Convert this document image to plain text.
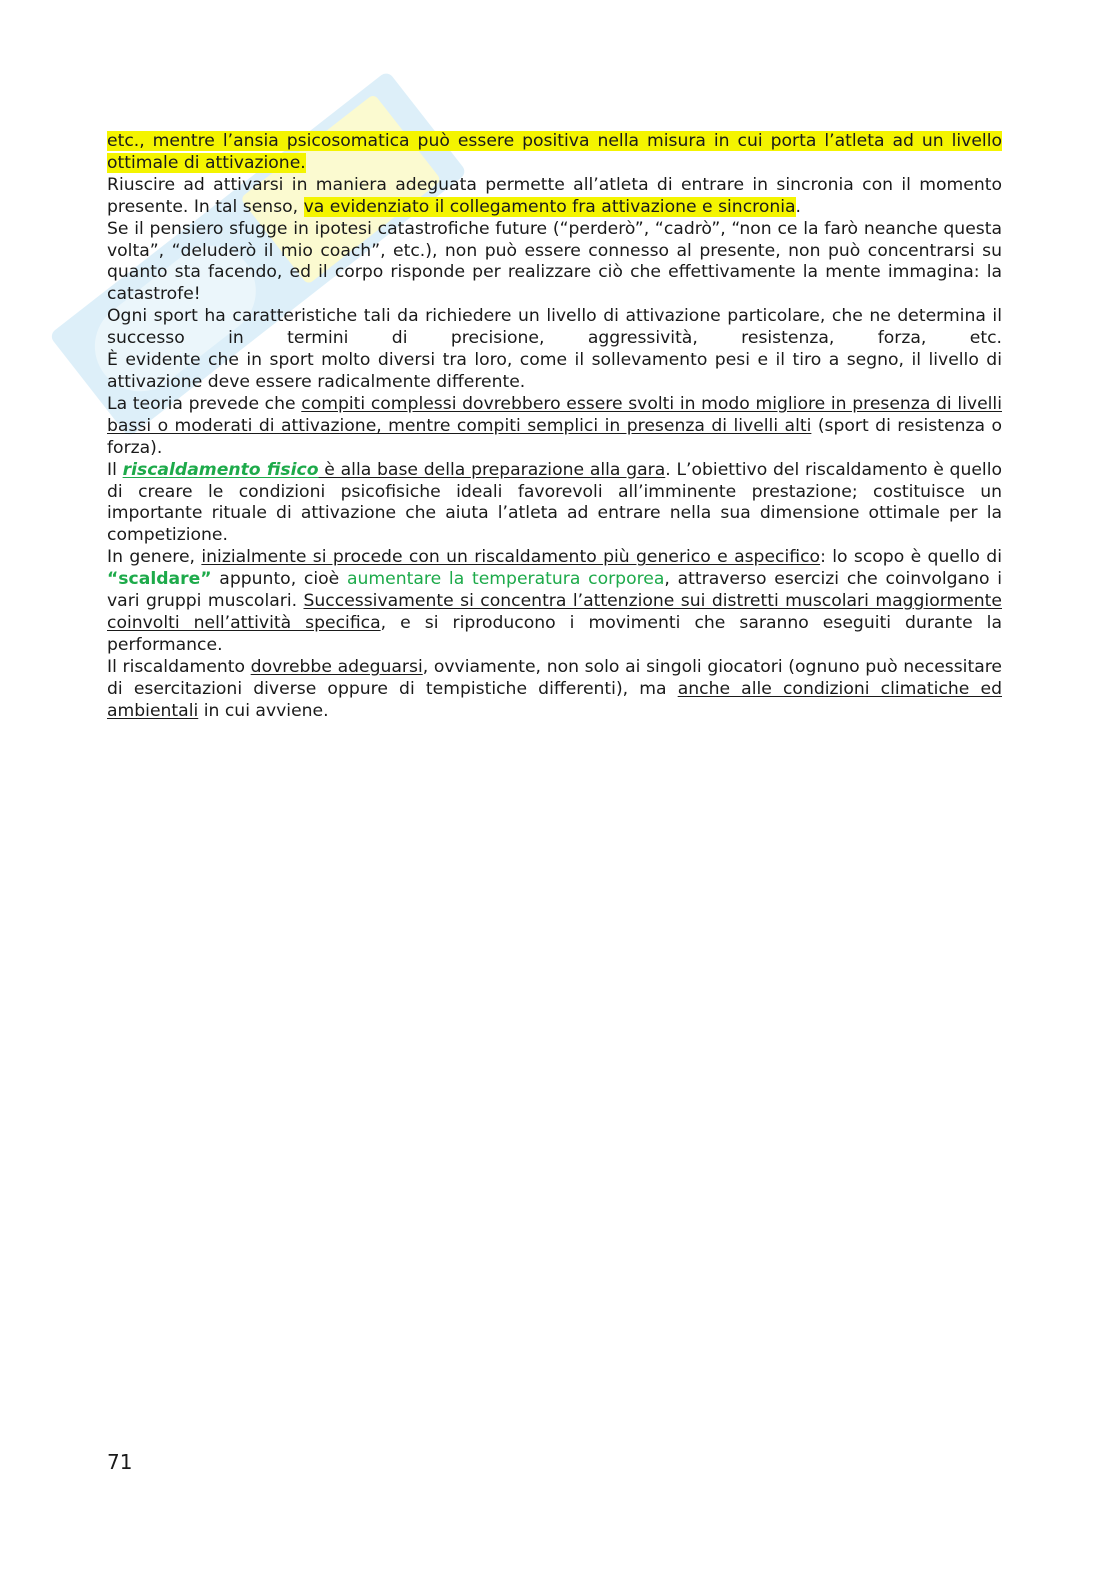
etc., mentre l’ansia psicosomatica può essere positiva nella misura in cui porta l’atleta ad un livello ottimale di attivazione.

Riuscire ad attivarsi in maniera adeguata permette all’atleta di entrare in sincronia con il momento presente. In tal senso, va evidenziato il collegamento fra attivazione e sincronia.

Se il pensiero sfugge in ipotesi catastrofiche future (“perderò”, “cadrò”, “non ce la farò neanche questa volta”, “deluderò il mio coach”, etc.), non può essere connesso al presente, non può concentrarsi su quanto sta facendo, ed il corpo risponde per realizzare ciò che effettivamente la mente immagina: la catastrofe!

Ogni sport ha caratteristiche tali da richiedere un livello di attivazione particolare, che ne determina il successo in termini di precisione, aggressività, resistenza, forza, etc.

È evidente che in sport molto diversi tra loro, come il sollevamento pesi e il tiro a segno, il livello di attivazione deve essere radicalmente differente.

La teoria prevede che compiti complessi dovrebbero essere svolti in modo migliore in presenza di livelli bassi o moderati di attivazione, mentre compiti semplici in presenza di livelli alti (sport di resistenza o forza).

Il riscaldamento fisico è alla base della preparazione alla gara. L’obiettivo del riscaldamento è quello di creare le condizioni psicofisiche ideali favorevoli all’imminente prestazione; costituisce un importante rituale di attivazione che aiuta l’atleta ad entrare nella sua dimensione ottimale per la competizione.

In genere, inizialmente si procede con un riscaldamento più generico e aspecifico: lo scopo è quello di “scaldare” appunto, cioè aumentare la temperatura corporea, attraverso esercizi che coinvolgano i vari gruppi muscolari. Successivamente si concentra l’attenzione sui distretti muscolari maggiormente coinvolti nell’attività specifica, e si riproducono i movimenti che saranno eseguiti durante la performance.

Il riscaldamento dovrebbe adeguarsi, ovviamente, non solo ai singoli giocatori (ognuno può necessitare di esercitazioni diverse oppure di tempistiche differenti), ma anche alle condizioni climatiche ed ambientali in cui avviene.

71
